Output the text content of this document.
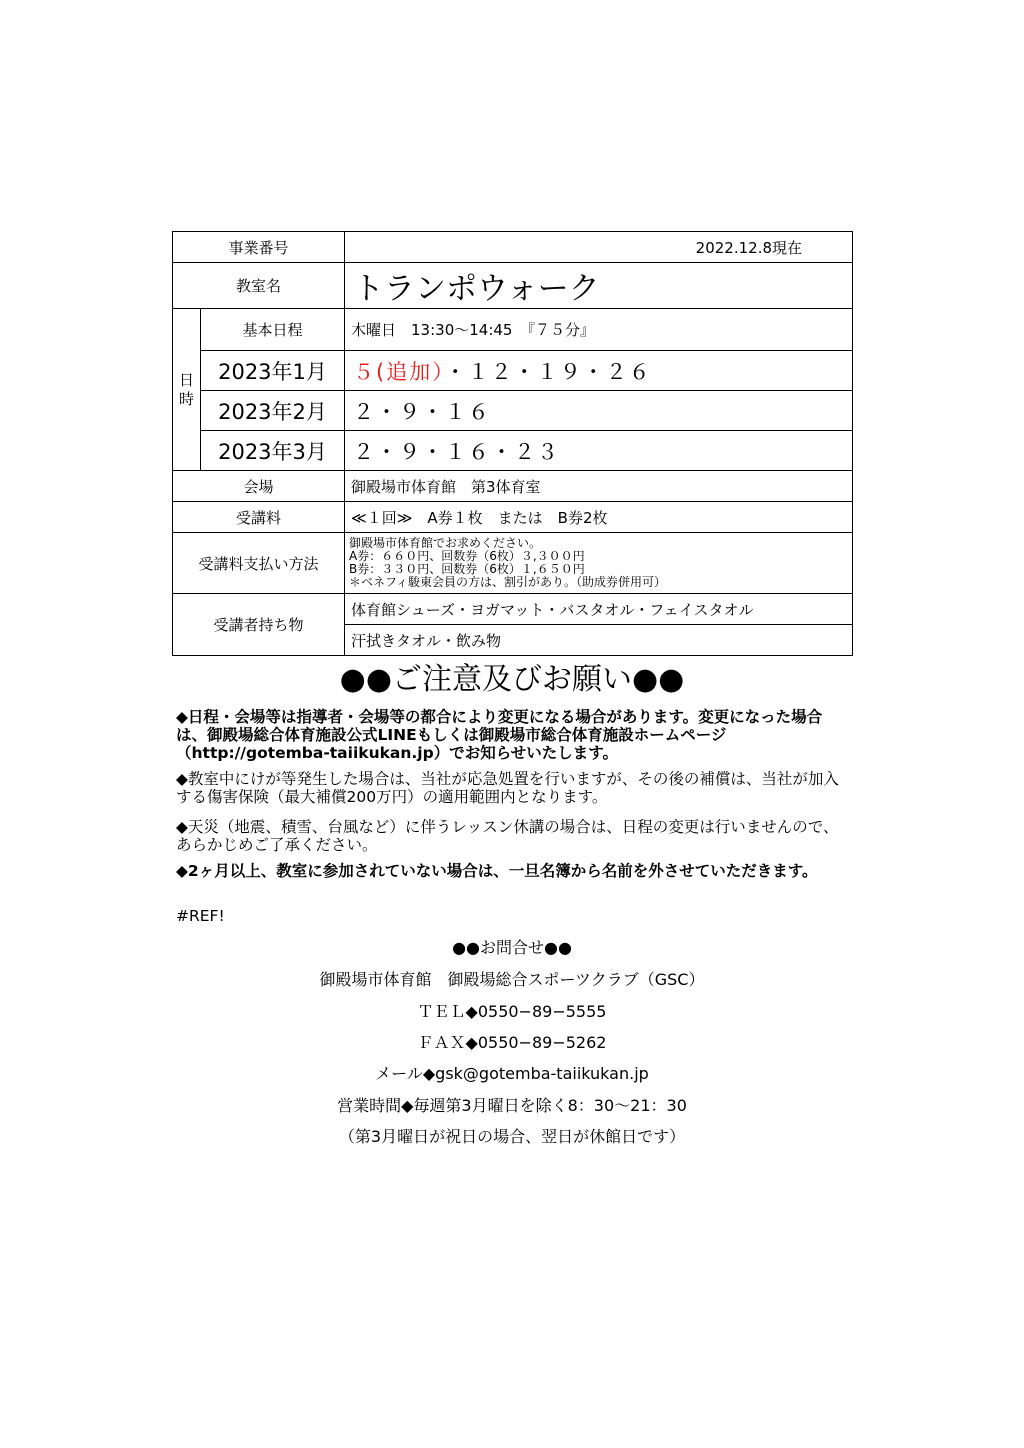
事業番号		2022.12.8現在
教室名		トランポウォーク

日
時	基本日程	木曜日　13:30～14:45　『７５分』
	2023年1月	５(追加）・１２・１９・２６
	2023年2月	２・９・１６
	2023年3月	２・９・１６・２３
会場		御殿場市体育館　第3体育室
受講料		≪１回≫　A券１枚　または　B券2枚
受講料支払い方法		御殿場市体育館でお求めください。
A券：６６０円、回数券（6枚）３,３００円
B券：３３０円、回数券（6枚）１,６５０円
＊ベネフィ駿東会員の方は、割引があり。（助成券併用可）

受講者持ち物		体育館シューズ・ヨガマット・バスタオル・フェイスタオル
		汗拭きタオル・飲み物
●●ご注意及びお願い●●
◆日程・会場等は指導者・会場等の都合により変更になる場合があります。変更になった場合は、御殿場総合体育施設公式LINEもしくは御殿場市総合体育施設ホームページ（http://gotemba-taiikukan.jp）でお知らせいたします。
◆教室中にけが等発生した場合は、当社が応急処置を行いますが、その後の補償は、当社が加入する傷害保険（最大補償200万円）の適用範囲内となります。
◆天災（地震、積雪、台風など）に伴うレッスン休講の場合は、日程の変更は行いませんので、あらかじめご了承ください。
◆2ヶ月以上、教室に参加されていない場合は、一旦名簿から名前を外させていただきます。
#REF!
●●お問合せ●●
御殿場市体育館　御殿場総合スポーツクラブ（GSC）
ＴＥＬ◆0550−89−5555
ＦＡＸ◆0550−89−5262
メール◆gsk@gotemba-taiikukan.jp
営業時間◆毎週第3月曜日を除く8：30～21：30
（第3月曜日が祝日の場合、翌日が休館日です）
